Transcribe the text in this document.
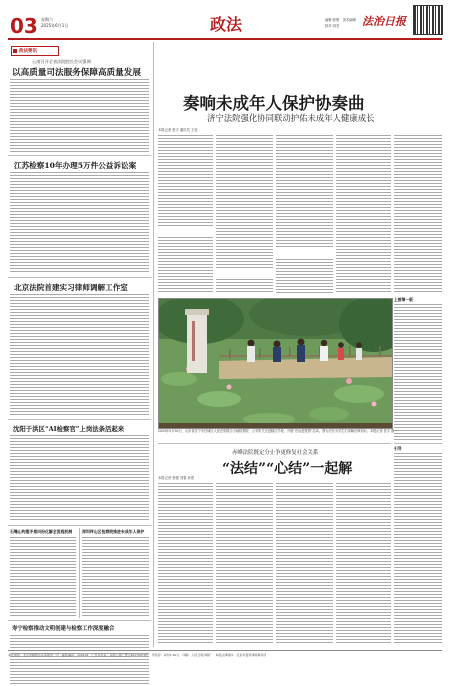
03 星期六
2025年6月1日	政法	编辑:张俊　美术编辑
校对:刘莹 法治日报
政法要讯
云南召开全省法院院长会议强调
以高质量司法服务保障高质量发展
江苏检察10年办理5万件公益诉讼案
北京法院首建实习律师调解工作室
沈阳于洪区“AI检察官”上岗法条活起来
石嘴山构建矛盾纠纷化解全流程机制	深圳坪山区检察院推进未成年人保护
寿宁检察推动文明创建与检察工作深度融合
奏响未成年人保护协奏曲
济宁法院强化协同联动护佑未成年人健康成长
本报记者 张宇 通讯员 王莹
2025年5月30日，山东省济宁市任城区人民法院联合当地检察院、公安机关走进辖区学校，开展“法治进校园”活动。图为法官为学生们讲解法律知识。本报记者 张宇 摄
上接第一版
引导
赤峰法院既定分止争更修复社会关系
“法结”“心结”一起解
本报记者 张强 刘春 孙思
本社地址：北京市朝阳区花家地甲一号　邮政编码：100102　广告许可证：京朝工商广登字20170078号　零售价：每份1.50元　印刷：人民日报印刷厂　本报法律顾问：北京市盈科律师事务所
